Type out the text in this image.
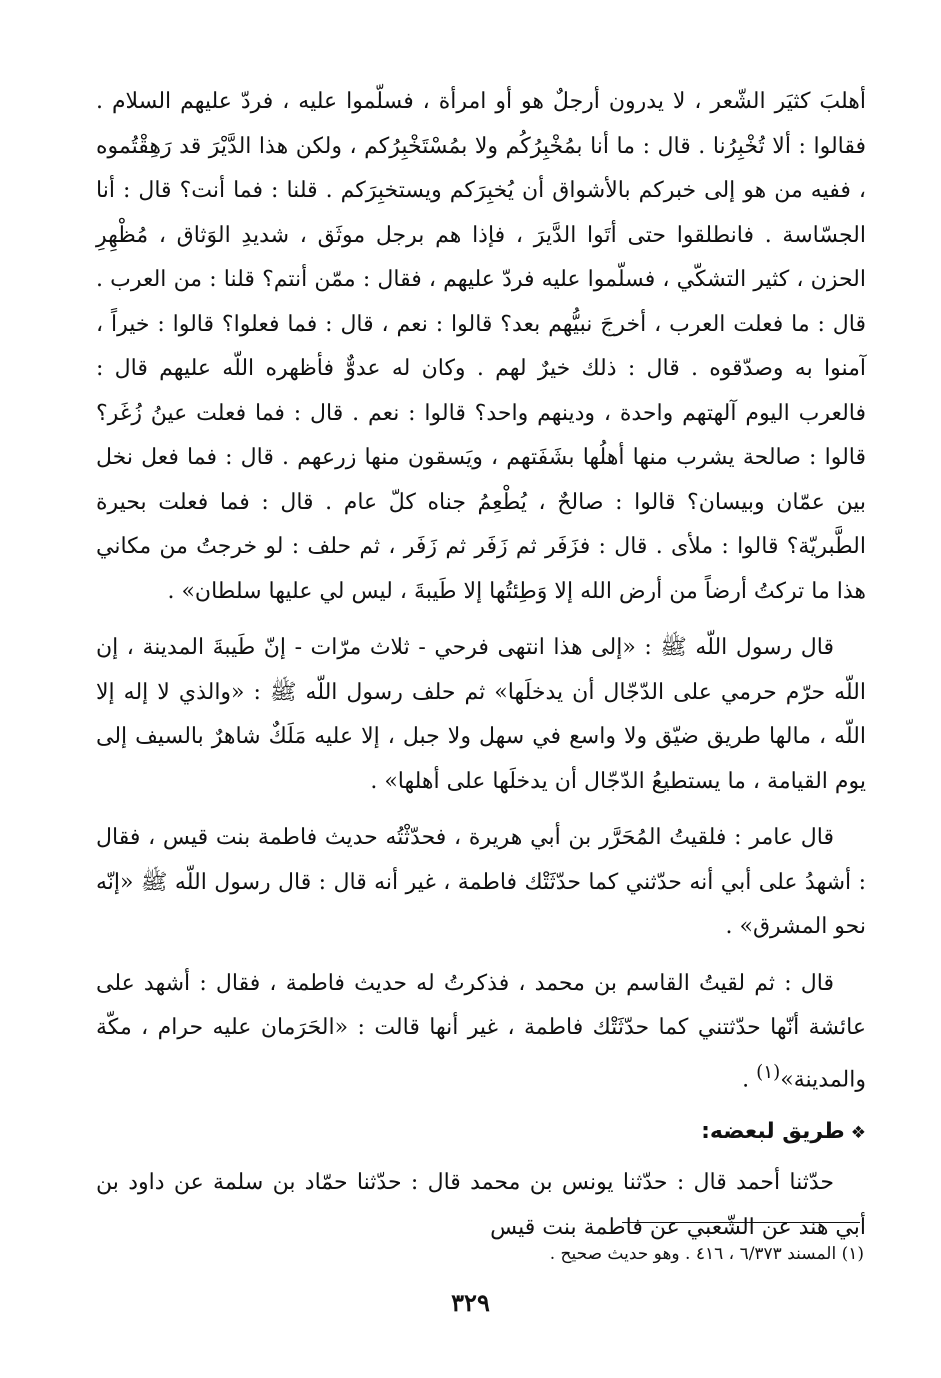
أهلبَ كثيَر الشّعر ، لا يدرون أرجلٌ هو أو امرأة ، فسلّموا عليه ، فردّ عليهم السلام . فقالوا : ألا تُخْبِرُنا . قال : ما أنا بمُخْبِرُكُم ولا بمُسْتَخْبِرُكم ، ولكن هذا الدَّيْرَ قد رَهِقْتُموه ، ففيه من هو إلى خبركم بالأشواق أن يُخبِرَكم ويستخبِرَكم . قلنا : فما أنت؟ قال : أنا الجسّاسة . فانطلقوا حتى أتَوا الدَّيرَ ، فإذا هم برجل موثَق ، شديدِ الوَثاق ، مُظْهِرِ الحزن ، كثير التشكّي ، فسلّموا عليه فردّ عليهم ، فقال : ممّن أنتم؟ قلنا : من العرب . قال : ما فعلت العرب ، أخرجَ نبيُّهم بعد؟ قالوا : نعم ، قال : فما فعلوا؟ قالوا : خيراً ، آمنوا به وصدّقوه . قال : ذلك خيرٌ لهم . وكان له عدوٌّ فأظهره اللّه عليهم قال : فالعرب اليوم آلهتهم واحدة ، ودينهم واحد؟ قالوا : نعم . قال : فما فعلت عينُ زُغَر؟ قالوا : صالحة يشرب منها أهلُها بشَفَتهم ، ويَسقون منها زرعهم . قال : فما فعل نخل بين عمّان وبيسان؟ قالوا : صالحٌ ، يُطْعِمُ جناه كلّ عام . قال : فما فعلت بحيرة الطَّبريّة؟ قالوا : ملأى . قال : فزَفَر ثم زَفَر ثم زَفَر ، ثم حلف : لو خرجتُ من مكاني هذا ما تركتُ أرضاً من أرض الله إلا وَطِئتُها إلا طَيبةَ ، ليس لي عليها سلطان» .

قال رسول اللّه ﷺ : «إلى هذا انتهى فرحي - ثلاث مرّات - إنّ طَيبةَ المدينة ، إن اللّه حرّم حرمي على الدّجّال أن يدخلَها» ثم حلف رسول اللّه ﷺ : «والذي لا إله إلا اللّه ، مالها طريق ضيّق ولا واسع في سهل ولا جبل ، إلا عليه مَلَكٌ شاهرٌ بالسيف إلى يوم القيامة ، ما يستطيعُ الدّجّال أن يدخلَها على أهلها» .

قال عامر : فلقيتُ المُحَرَّر بن أبي هريرة ، فحدّثْتُه حديث فاطمة بنت قيس ، فقال : أشهدُ على أبي أنه حدّثني كما حدّثَتْك فاطمة ، غير أنه قال : قال رسول اللّه ﷺ «إنّه نحو المشرق» .

قال : ثم لقيتُ القاسم بن محمد ، فذكرتُ له حديث فاطمة ، فقال : أشهد على عائشة أنّها حدّثتني كما حدّثَتْك فاطمة ، غير أنها قالت : «الحَرَمان عليه حرام ، مكّة والمدينة»$^{(١)}$ .

❖طريق لبعضه:

حدّثنا أحمد قال : حدّثنا يونس بن محمد قال : حدّثنا حمّاد بن سلمة عن داود بن أبي هند عن الشّعبي عن فاطمة بنت قيس

(١) المسند ٦/٣٧٣ ، ٤١٦ . وهو حديث صحيح .
٣٢٩
